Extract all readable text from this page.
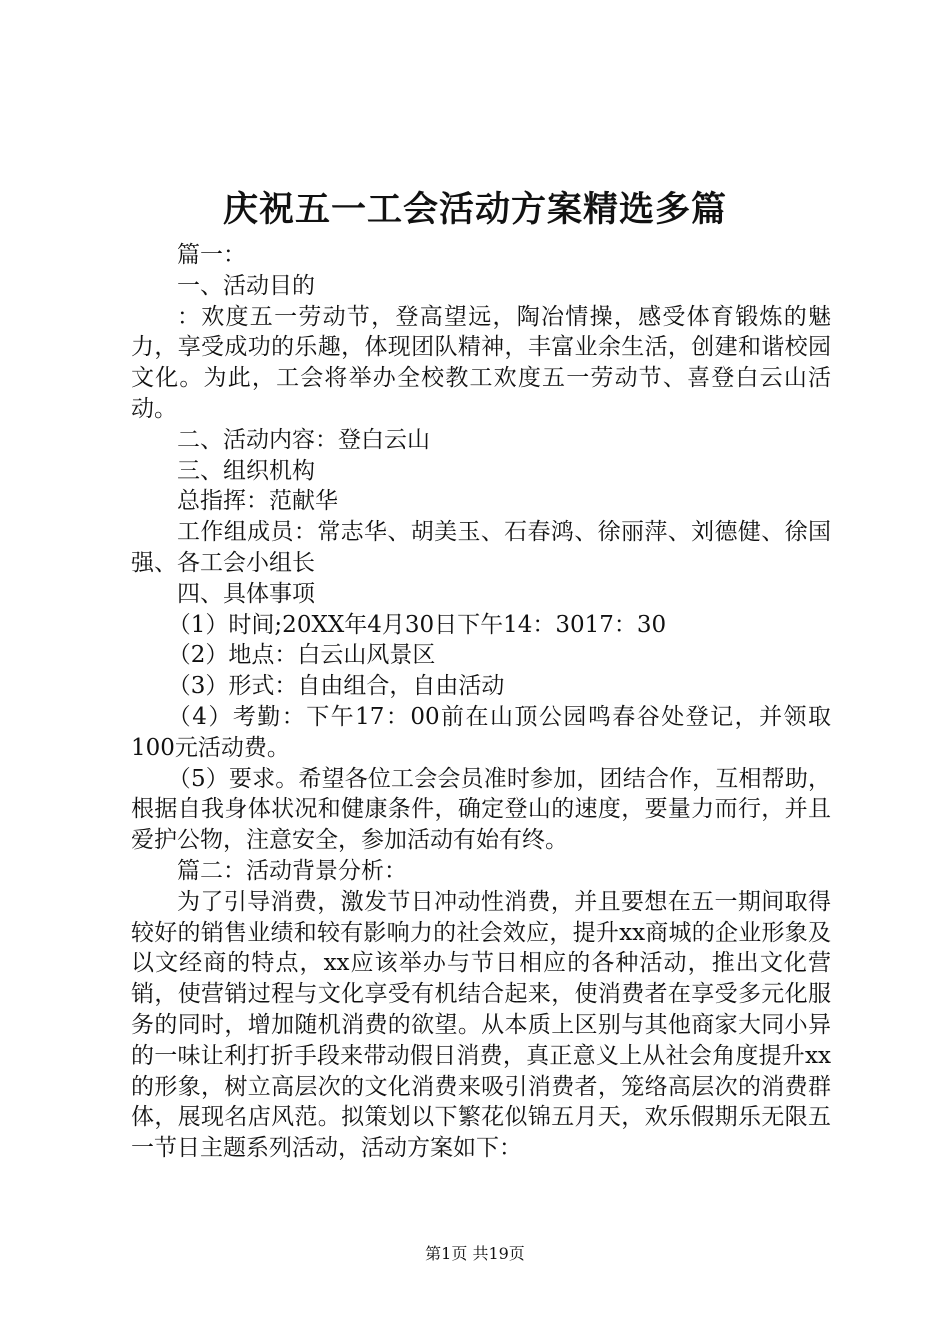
庆祝五一工会活动方案精选多篇

篇一：

一、活动目的

：欢度五一劳动节，登高望远，陶冶情操，感受体育锻炼的魅力，享受成功的乐趣，体现团队精神，丰富业余生活，创建和谐校园文化。为此，工会将举办全校教工欢度五一劳动节、喜登白云山活动。

二、活动内容：登白云山

三、组织机构

总指挥：范献华

工作组成员：常志华、胡美玉、石春鸿、徐丽萍、刘德健、徐国强、各工会小组长

四、具体事项

（1）时间;20XX年4月30日下午14：3017：30

（2）地点：白云山风景区

（3）形式：自由组合，自由活动

（4）考勤：下午17：00前在山顶公园鸣春谷处登记，并领取100元活动费。

（5）要求。希望各位工会会员准时参加，团结合作，互相帮助，根据自我身体状况和健康条件，确定登山的速度，要量力而行，并且爱护公物，注意安全，参加活动有始有终。

篇二：活动背景分析：

为了引导消费，激发节日冲动性消费，并且要想在五一期间取得较好的销售业绩和较有影响力的社会效应，提升xx商城的企业形象及以文经商的特点，xx应该举办与节日相应的各种活动，推出文化营销，使营销过程与文化享受有机结合起来，使消费者在享受多元化服务的同时，增加随机消费的欲望。从本质上区别与其他商家大同小异的一味让利打折手段来带动假日消费，真正意义上从社会角度提升xx的形象，树立高层次的文化消费来吸引消费者，笼络高层次的消费群体，展现名店风范。拟策划以下繁花似锦五月天，欢乐假期乐无限五一节日主题系列活动，活动方案如下：

第1页 共19页
